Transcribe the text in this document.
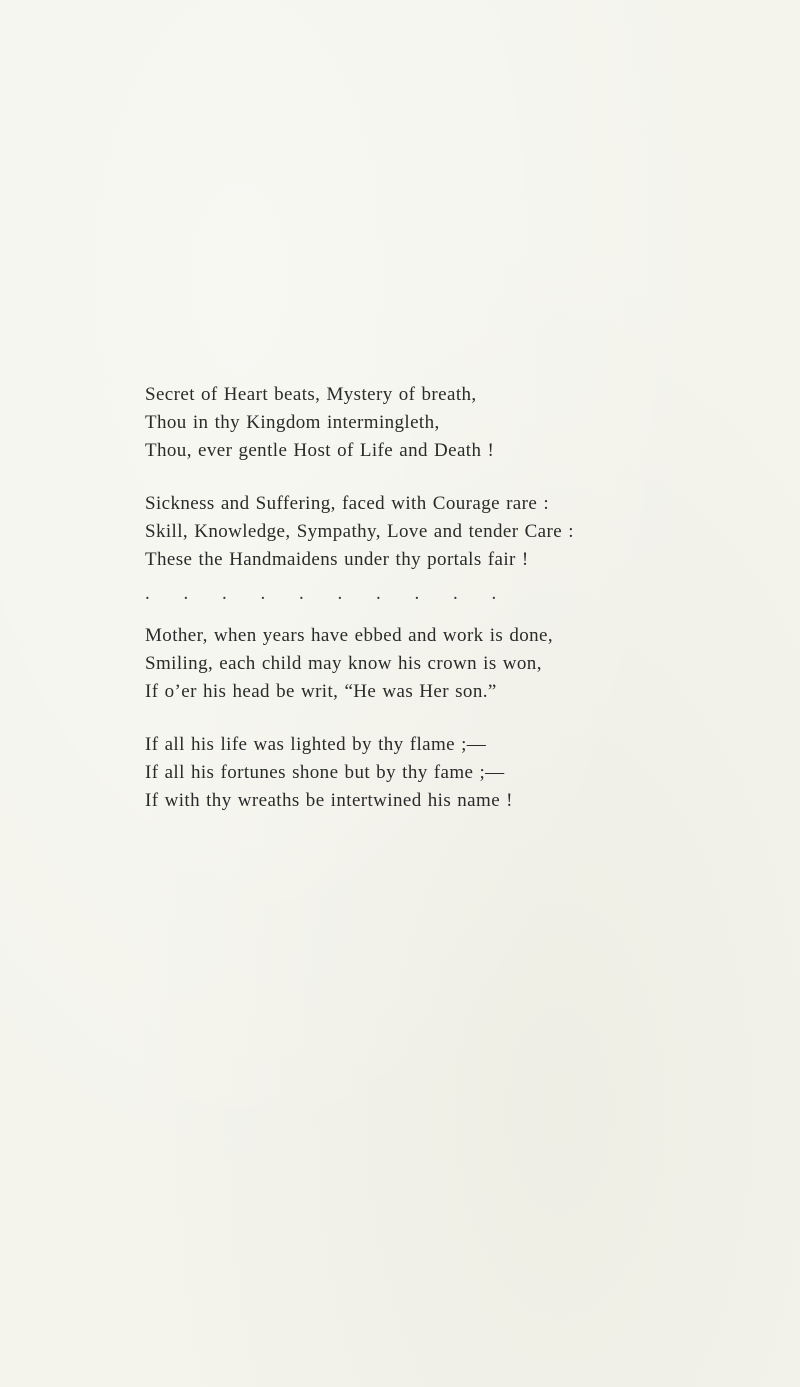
Secret of Heart beats, Mystery of breath,
Thou in thy Kingdom intermingleth,
Thou, ever gentle Host of Life and Death !
Sickness and Suffering, faced with Courage rare :
Skill, Knowledge, Sympathy, Love and tender Care :
These the Handmaidens under thy portals fair !
. . . . . . . . . .
Mother, when years have ebbed and work is done,
Smiling, each child may know his crown is won,
If o’er his head be writ, “He was Her son.”
If all his life was lighted by thy flame ;—
If all his fortunes shone but by thy fame ;—
If with thy wreaths be intertwined his name !
